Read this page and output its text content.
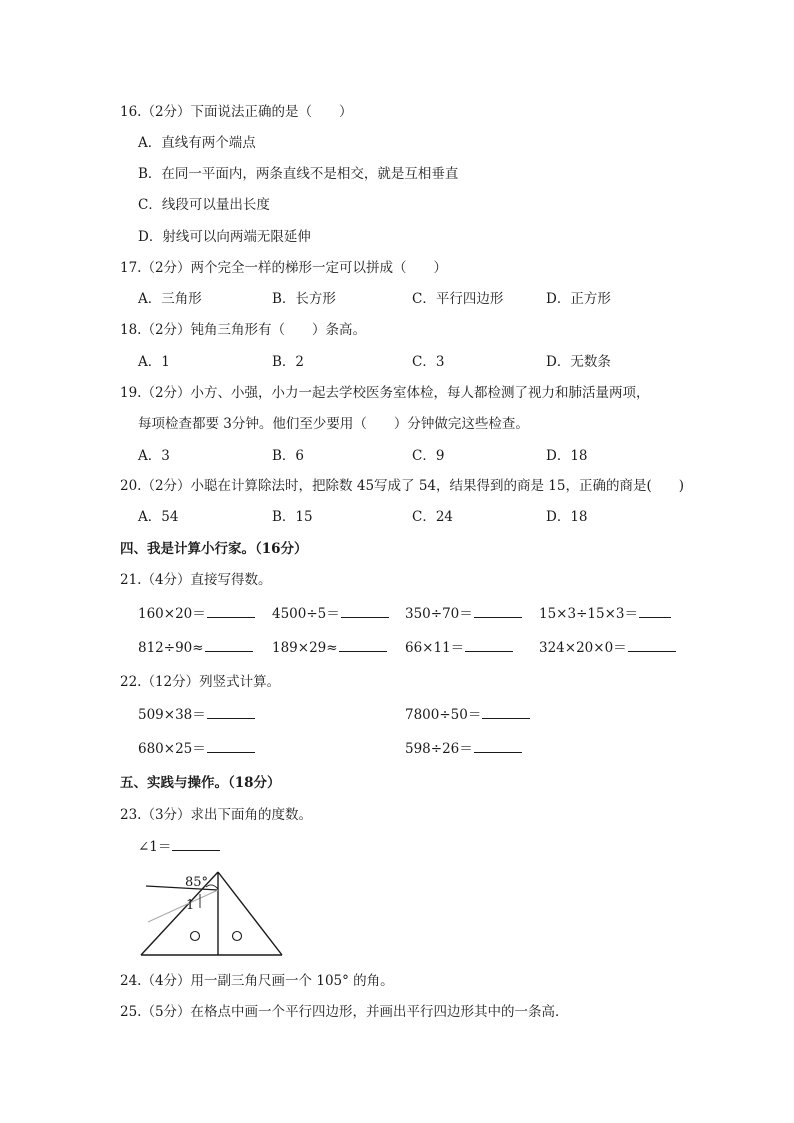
16.（2分）下面说法正确的是（　　）
A．直线有两个端点
B．在同一平面内，两条直线不是相交，就是互相垂直
C．线段可以量出长度
D．射线可以向两端无限延伸
17.（2分）两个完全一样的梯形一定可以拼成（　　）
A．三角形	B．长方形	C．平行四边形	D．正方形
18.（2分）钝角三角形有（　　）条高。
A．1	B．2	C．3	D．无数条
19.（2分）小方、小强，小力一起去学校医务室体检，每人都检测了视力和肺活量两项，
每项检查都要 3分钟。他们至少要用（　　）分钟做完这些检查。
A．3	B．6	C．9	D．18
20.（2分）小聪在计算除法时，把除数 45写成了 54，结果得到的商是 15，正确的商是(　　)
A．54	B．15	C．24	D．18
四、我是计算小行家。（16分）
21.（4分）直接写得数。
160×20＝	4500÷5＝	350÷70＝	15×3÷15×3＝
812÷90≈	189×29≈	66×11＝	324×20×0＝
22.（12分）列竖式计算。
509×38＝	7800÷50＝
680×25＝	598÷26＝
五、实践与操作。（18分）
23.（3分）求出下面角的度数。
∠1＝
85°
1
24.（4分）用一副三角尺画一个 105° 的角。
25.（5分）在格点中画一个平行四边形，并画出平行四边形其中的一条高．
